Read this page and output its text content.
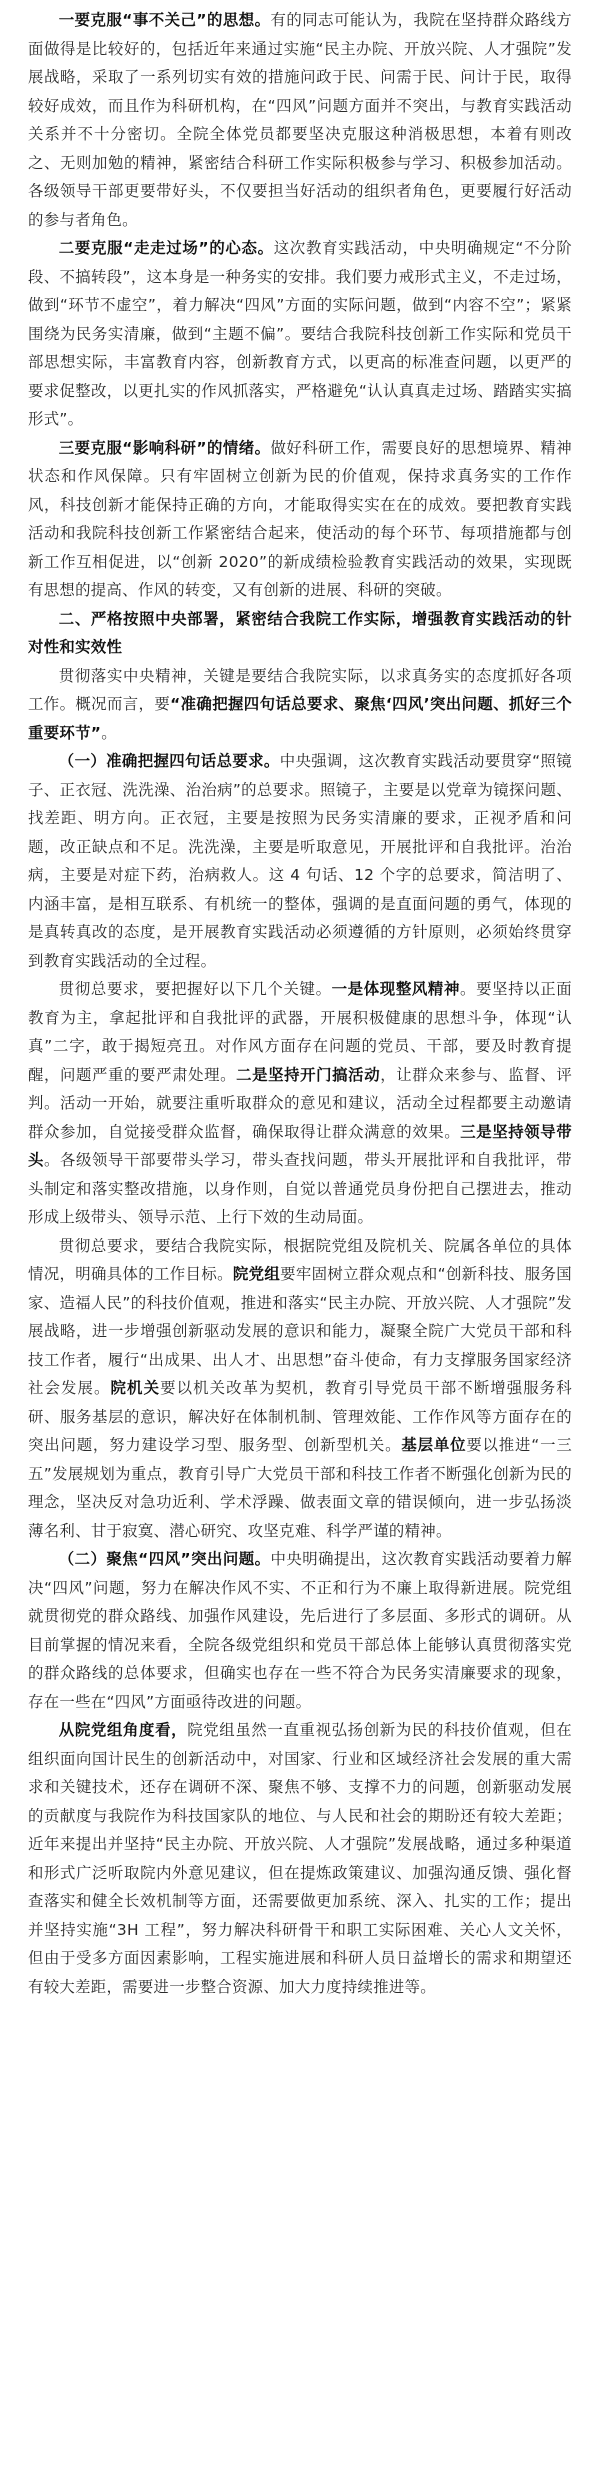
一要克服“事不关己”的思想。有的同志可能认为，我院在坚持群众路线方面做得是比较好的，包括近年来通过实施“民主办院、开放兴院、人才强院”发展战略，采取了一系列切实有效的措施问政于民、问需于民、问计于民，取得较好成效，而且作为科研机构，在“四风”问题方面并不突出，与教育实践活动关系并不十分密切。全院全体党员都要坚决克服这种消极思想，本着有则改之、无则加勉的精神，紧密结合科研工作实际积极参与学习、积极参加活动。各级领导干部更要带好头，不仅要担当好活动的组织者角色，更要履行好活动的参与者角色。

二要克服“走走过场”的心态。这次教育实践活动，中央明确规定“不分阶段、不搞转段”，这本身是一种务实的安排。我们要力戒形式主义，不走过场，做到“环节不虚空”，着力解决“四风”方面的实际问题，做到“内容不空”；紧紧围绕为民务实清廉，做到“主题不偏”。要结合我院科技创新工作实际和党员干部思想实际，丰富教育内容，创新教育方式，以更高的标准查问题，以更严的要求促整改，以更扎实的作风抓落实，严格避免“认认真真走过场、踏踏实实搞形式”。

三要克服“影响科研”的情绪。做好科研工作，需要良好的思想境界、精神状态和作风保障。只有牢固树立创新为民的价值观，保持求真务实的工作作风，科技创新才能保持正确的方向，才能取得实实在在的成效。要把教育实践活动和我院科技创新工作紧密结合起来，使活动的每个环节、每项措施都与创新工作互相促进，以“创新 2020”的新成绩检验教育实践活动的效果，实现既有思想的提高、作风的转变，又有创新的进展、科研的突破。

二、严格按照中央部署，紧密结合我院工作实际，增强教育实践活动的针对性和实效性

贯彻落实中央精神，关键是要结合我院实际，以求真务实的态度抓好各项工作。概况而言，要“准确把握四句话总要求、聚焦‘四风’突出问题、抓好三个重要环节”。

（一）准确把握四句话总要求。中央强调，这次教育实践活动要贯穿“照镜子、正衣冠、洗洗澡、治治病”的总要求。照镜子，主要是以党章为镜探问题、找差距、明方向。正衣冠，主要是按照为民务实清廉的要求，正视矛盾和问题，改正缺点和不足。洗洗澡，主要是听取意见，开展批评和自我批评。治治病，主要是对症下药，治病救人。这 4 句话、12 个字的总要求，简洁明了、内涵丰富，是相互联系、有机统一的整体，强调的是直面问题的勇气，体现的是真转真改的态度，是开展教育实践活动必须遵循的方针原则，必须始终贯穿到教育实践活动的全过程。

贯彻总要求，要把握好以下几个关键。一是体现整风精神。要坚持以正面教育为主，拿起批评和自我批评的武器，开展积极健康的思想斗争，体现“认真”二字，敢于揭短亮丑。对作风方面存在问题的党员、干部，要及时教育提醒，问题严重的要严肃处理。二是坚持开门搞活动，让群众来参与、监督、评判。活动一开始，就要注重听取群众的意见和建议，活动全过程都要主动邀请群众参加，自觉接受群众监督，确保取得让群众满意的效果。三是坚持领导带头。各级领导干部要带头学习，带头查找问题，带头开展批评和自我批评，带头制定和落实整改措施，以身作则，自觉以普通党员身份把自己摆进去，推动形成上级带头、领导示范、上行下效的生动局面。

贯彻总要求，要结合我院实际，根据院党组及院机关、院属各单位的具体情况，明确具体的工作目标。院党组要牢固树立群众观点和“创新科技、服务国家、造福人民”的科技价值观，推进和落实“民主办院、开放兴院、人才强院”发展战略，进一步增强创新驱动发展的意识和能力，凝聚全院广大党员干部和科技工作者，履行“出成果、出人才、出思想”奋斗使命，有力支撑服务国家经济社会发展。院机关要以机关改革为契机，教育引导党员干部不断增强服务科研、服务基层的意识，解决好在体制机制、管理效能、工作作风等方面存在的突出问题，努力建设学习型、服务型、创新型机关。基层单位要以推进“一三五”发展规划为重点，教育引导广大党员干部和科技工作者不断强化创新为民的理念，坚决反对急功近利、学术浮躁、做表面文章的错误倾向，进一步弘扬淡薄名利、甘于寂寞、潜心研究、攻坚克难、科学严谨的精神。

（二）聚焦“四风”突出问题。中央明确提出，这次教育实践活动要着力解决“四风”问题，努力在解决作风不实、不正和行为不廉上取得新进展。院党组就贯彻党的群众路线、加强作风建设，先后进行了多层面、多形式的调研。从目前掌握的情况来看，全院各级党组织和党员干部总体上能够认真贯彻落实党的群众路线的总体要求，但确实也存在一些不符合为民务实清廉要求的现象，存在一些在“四风”方面亟待改进的问题。

从院党组角度看，院党组虽然一直重视弘扬创新为民的科技价值观，但在组织面向国计民生的创新活动中，对国家、行业和区域经济社会发展的重大需求和关键技术，还存在调研不深、聚焦不够、支撑不力的问题，创新驱动发展的贡献度与我院作为科技国家队的地位、与人民和社会的期盼还有较大差距；近年来提出并坚持“民主办院、开放兴院、人才强院”发展战略，通过多种渠道和形式广泛听取院内外意见建议，但在提炼政策建议、加强沟通反馈、强化督查落实和健全长效机制等方面，还需要做更加系统、深入、扎实的工作；提出并坚持实施“3H 工程”，努力解决科研骨干和职工实际困难、关心人文关怀，但由于受多方面因素影响，工程实施进展和科研人员日益增长的需求和期望还有较大差距，需要进一步整合资源、加大力度持续推进等。
